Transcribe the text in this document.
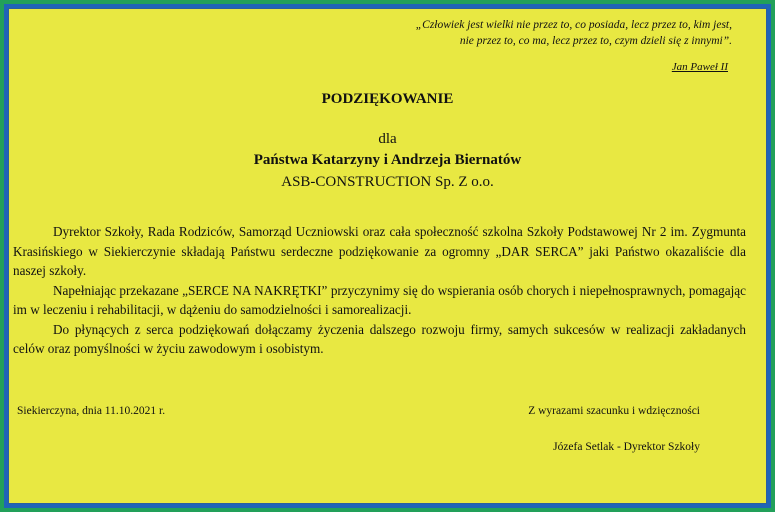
„Człowiek jest wielki nie przez to, co posiada, lecz przez to, kim jest,
nie przez to, co ma, lecz przez to, czym dzieli się z innymi”.
Jan Paweł II
PODZIĘKOWANIE
dla
Państwa Katarzyny i Andrzeja Biernatów
ASB-CONSTRUCTION Sp. Z o.o.

Dyrektor Szkoły, Rada Rodziców, Samorząd Uczniowski oraz cała społeczność szkolna Szkoły Podstawowej Nr 2 im. Zygmunta Krasińskiego w Siekierczynie składają Państwu serdeczne podziękowanie za ogromny „DAR SERCA” jaki Państwo okazaliście dla naszej szkoły.

Napełniając przekazane „SERCE NA NAKRĘTKI” przyczynimy się do wspierania osób chorych i niepełnosprawnych, pomagając im w leczeniu i rehabilitacji, w dążeniu do samodzielności i samorealizacji.

Do płynących z serca podziękowań dołączamy życzenia dalszego rozwoju firmy, samych sukcesów w realizacji zakładanych celów oraz pomyślności w życiu zawodowym i osobistym.

Siekierczyna, dnia 11.10.2021 r.	Z wyrazami szacunku i wdzięczności
Józefa Setlak - Dyrektor Szkoły
